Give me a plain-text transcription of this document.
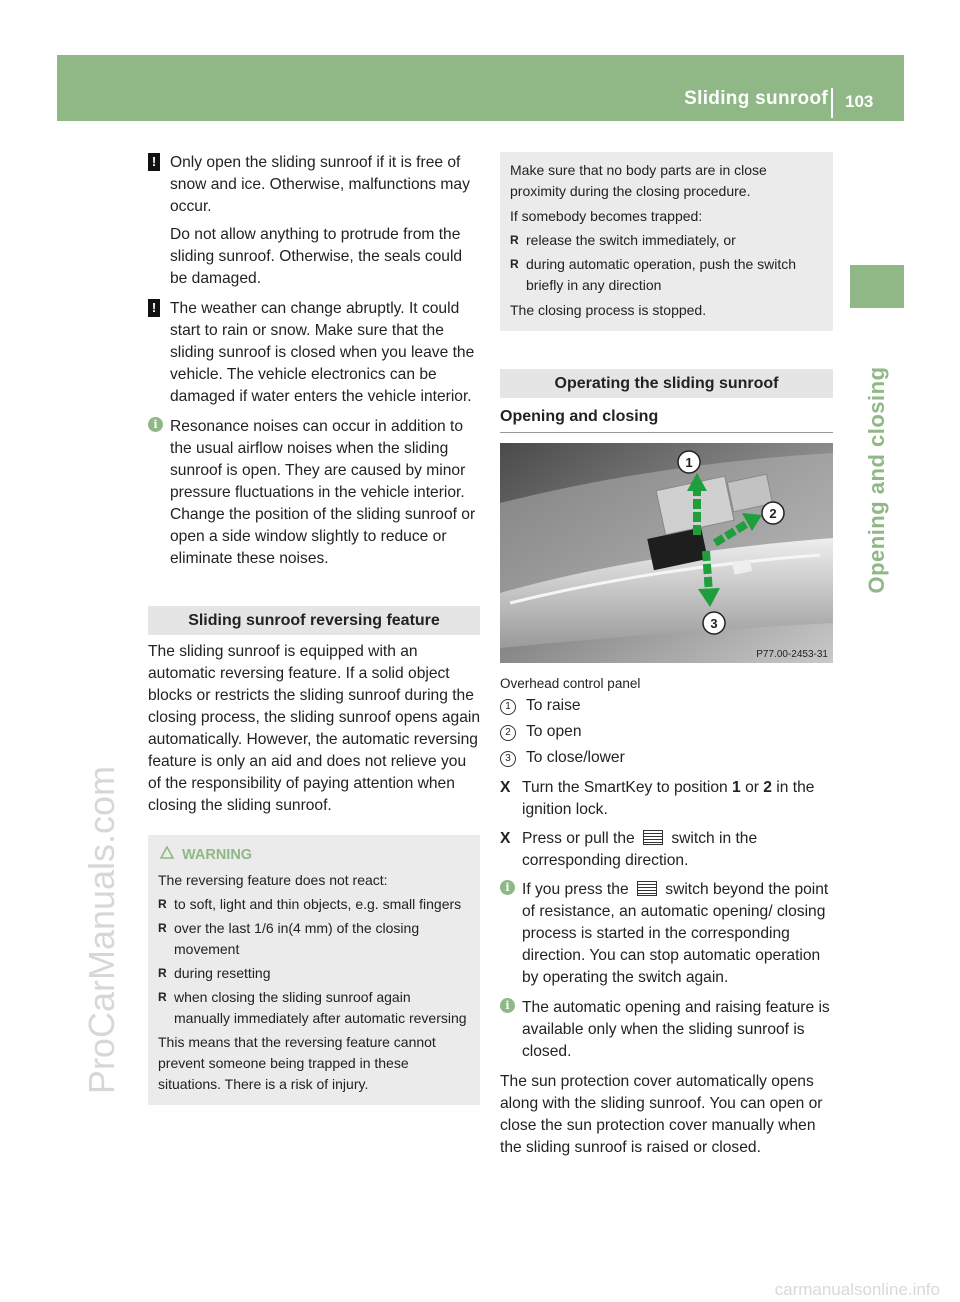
Sliding sunroof 103
Opening and closing
ProCarManuals.com
carmanualsonline.info
! Only open the sliding sunroof if it is free of snow and ice. Otherwise, malfunctions may occur.
Do not allow anything to protrude from the sliding sunroof. Otherwise, the seals could be damaged.
! The weather can change abruptly. It could start to rain or snow. Make sure that the sliding sunroof is closed when you leave the vehicle. The vehicle electronics can be damaged if water enters the vehicle interior.
i Resonance noises can occur in addition to the usual airflow noises when the sliding sunroof is open. They are caused by minor pressure fluctuations in the vehicle interior. Change the position of the sliding sunroof or open a side window slightly to reduce or eliminate these noises.
Sliding sunroof reversing feature
The sliding sunroof is equipped with an automatic reversing feature. If a solid object blocks or restricts the sliding sunroof during the closing process, the sliding sunroof opens again automatically. However, the automatic reversing feature is only an aid and does not relieve you of the responsibility of paying attention when closing the sliding sunroof.
WARNING
The reversing feature does not react:
R to soft, light and thin objects, e.g. small fingers
R over the last 1/6 in(4 mm) of the closing movement
R during resetting
R when closing the sliding sunroof again manually immediately after automatic reversing
This means that the reversing feature cannot prevent someone being trapped in these situations. There is a risk of injury.
Make sure that no body parts are in close proximity during the closing procedure.
If somebody becomes trapped:
R release the switch immediately, or
R during automatic operation, push the switch briefly in any direction
The closing process is stopped.
Operating the sliding sunroof
Opening and closing
1
2
3
P77.00-2453-31
Overhead control panel
1 To raise
2 To open
3 To close/lower
X Turn the SmartKey to position 1 or 2 in the ignition lock.
X Press or pull the  switch in the corresponding direction.
i If you press the  switch beyond the point of resistance, an automatic opening/ closing process is started in the corresponding direction. You can stop automatic operation by operating the switch again.
i The automatic opening and raising feature is available only when the sliding sunroof is closed.
The sun protection cover automatically opens along with the sliding sunroof. You can open or close the sun protection cover manually when the sliding sunroof is raised or closed.
